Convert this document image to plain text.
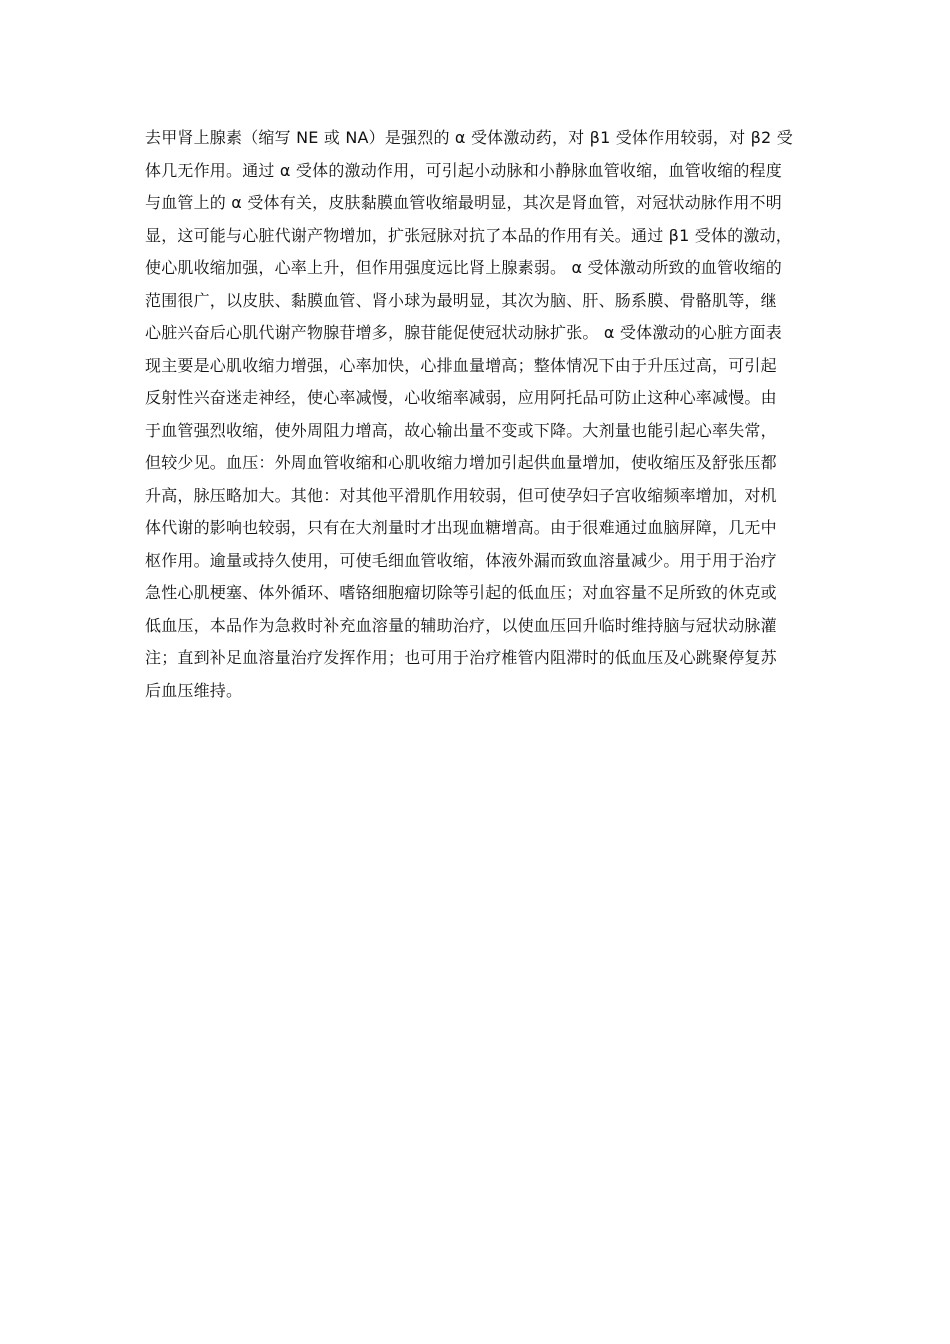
去甲肾上腺素（缩写 NE 或 NA）是强烈的 α 受体激动药，对 β1 受体作用较弱，对 β2 受
体几无作用。通过 α 受体的激动作用，可引起小动脉和小静脉血管收缩，血管收缩的程度
与血管上的 α 受体有关，皮肤黏膜血管收缩最明显，其次是肾血管，对冠状动脉作用不明
显，这可能与心脏代谢产物增加，扩张冠脉对抗了本品的作用有关。通过 β1 受体的激动，
使心肌收缩加强，心率上升，但作用强度远比肾上腺素弱。 α 受体激动所致的血管收缩的
范围很广，以皮肤、黏膜血管、肾小球为最明显，其次为脑、肝、肠系膜、骨骼肌等，继
心脏兴奋后心肌代谢产物腺苷增多，腺苷能促使冠状动脉扩张。 α 受体激动的心脏方面表
现主要是心肌收缩力增强，心率加快，心排血量增高；整体情况下由于升压过高，可引起
反射性兴奋迷走神经，使心率减慢，心收缩率减弱，应用阿托品可防止这种心率减慢。由
于血管强烈收缩，使外周阻力增高，故心输出量不变或下降。大剂量也能引起心率失常，
但较少见。血压：外周血管收缩和心肌收缩力增加引起供血量增加，使收缩压及舒张压都
升高，脉压略加大。其他：对其他平滑肌作用较弱，但可使孕妇子宫收缩频率增加，对机
体代谢的影响也较弱，只有在大剂量时才出现血糖增高。由于很难通过血脑屏障，几无中
枢作用。逾量或持久使用，可使毛细血管收缩，体液外漏而致血溶量减少。用于用于治疗
急性心肌梗塞、体外循环、嗜铬细胞瘤切除等引起的低血压；对血容量不足所致的休克或
低血压，本品作为急救时补充血溶量的辅助治疗，以使血压回升临时维持脑与冠状动脉灌
注；直到补足血溶量治疗发挥作用；也可用于治疗椎管内阻滞时的低血压及心跳聚停复苏
后血压维持。
